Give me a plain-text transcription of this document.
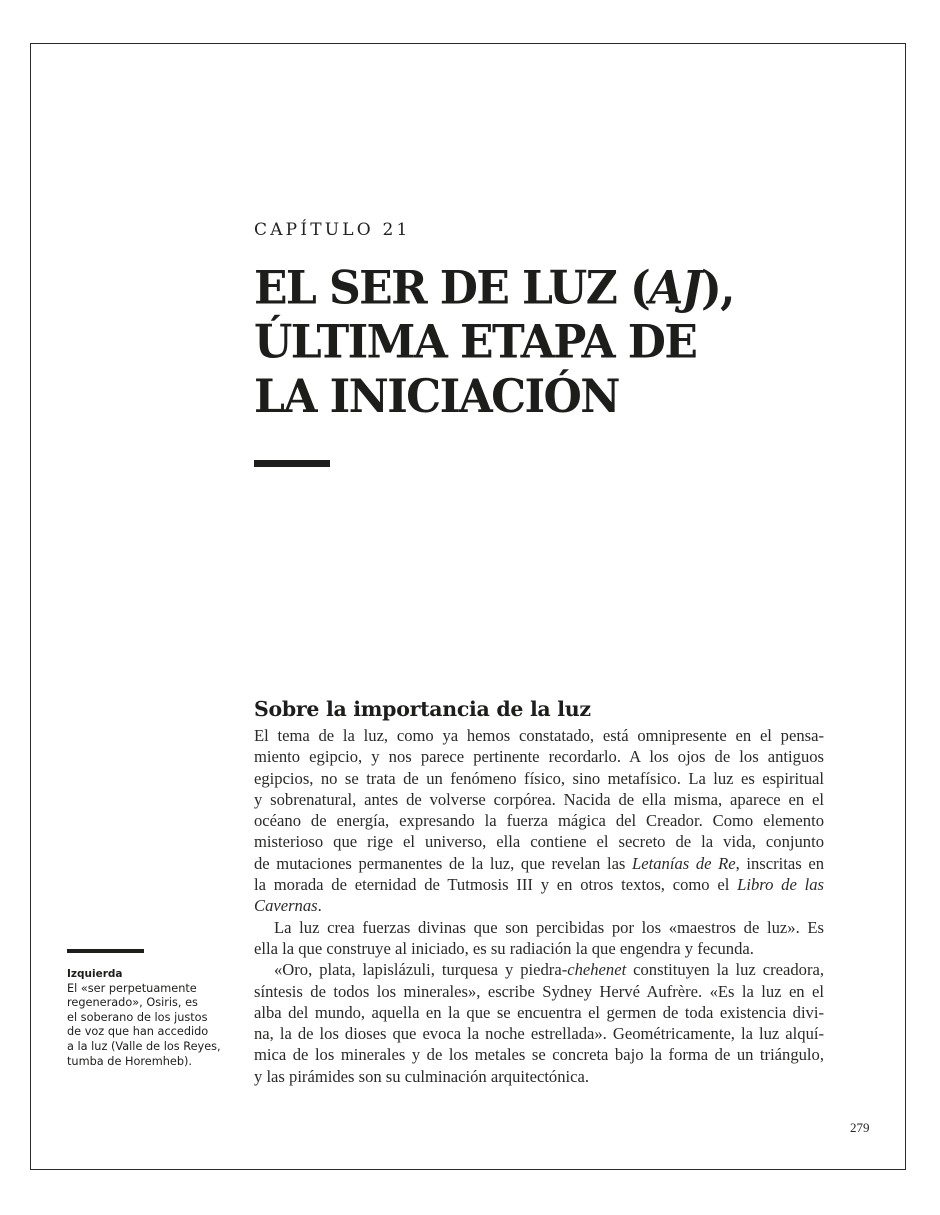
CAPÍTULO 21
EL SER DE LUZ (AJ),
ÚLTIMA ETAPA DE
LA INICIACIÓN
Sobre la importancia de la luz
El tema de la luz, como ya hemos constatado, está omnipresente en el pensa-
miento egipcio, y nos parece pertinente recordarlo. A los ojos de los antiguos
egipcios, no se trata de un fenómeno físico, sino metafísico. La luz es espiritual
y sobrenatural, antes de volverse corpórea. Nacida de ella misma, aparece en el
océano de energía, expresando la fuerza mágica del Creador. Como elemento
misterioso que rige el universo, ella contiene el secreto de la vida, conjunto
de mutaciones permanentes de la luz, que revelan las Letanías de Re, inscritas en
la morada de eternidad de Tutmosis III y en otros textos, como el Libro de las
Cavernas.
La luz crea fuerzas divinas que son percibidas por los «maestros de luz». Es
ella la que construye al iniciado, es su radiación la que engendra y fecunda.
«Oro, plata, lapislázuli, turquesa y piedra-chehenet constituyen la luz creadora,
síntesis de todos los minerales», escribe Sydney Hervé Aufrère. «Es la luz en el
alba del mundo, aquella en la que se encuentra el germen de toda existencia divi-
na, la de los dioses que evoca la noche estrellada». Geométricamente, la luz alquí-
mica de los minerales y de los metales se concreta bajo la forma de un triángulo,
y las pirámides son su culminación arquitectónica.
Izquierda
El «ser perpetuamente
regenerado», Osiris, es
el soberano de los justos
de voz que han accedido
a la luz (Valle de los Reyes,
tumba de Horemheb).
279
